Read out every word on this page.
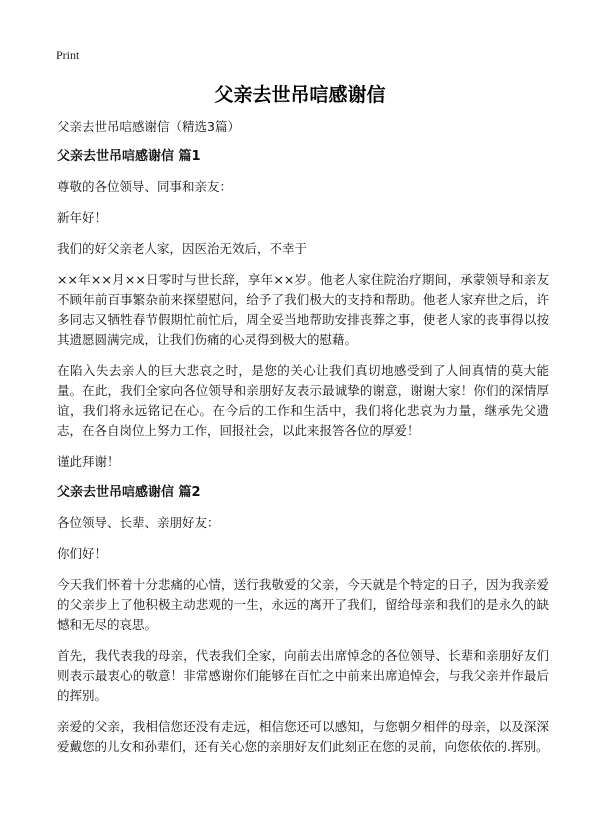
Print
父亲去世吊唁感谢信

父亲去世吊唁感谢信（精选3篇）

父亲去世吊唁感谢信 篇1

尊敬的各位领导、同事和亲友：

新年好！

我们的好父亲老人家，因医治无效后，不幸于

××年××月××日零时与世长辞，享年××岁。他老人家住院治疗期间，承蒙领导和亲友不顾年前百事繁杂前来探望慰问，给予了我们极大的支持和帮助。他老人家弃世之后，许多同志又牺牲春节假期忙前忙后，周全妥当地帮助安排丧葬之事，使老人家的丧事得以按其遗愿圆满完成，让我们伤痛的心灵得到极大的慰藉。

在陷入失去亲人的巨大悲哀之时，是您的关心让我们真切地感受到了人间真情的莫大能量。在此，我们全家向各位领导和亲朋好友表示最诚挚的谢意，谢谢大家！你们的深情厚谊，我们将永远铭记在心。在今后的工作和生活中，我们将化悲哀为力量，继承先父遗志，在各自岗位上努力工作，回报社会，以此来报答各位的厚爱！

谨此拜谢！

父亲去世吊唁感谢信 篇2

各位领导、长辈、亲朋好友：

你们好！

今天我们怀着十分悲痛的心情，送行我敬爱的父亲，今天就是个特定的日子，因为我亲爱的父亲步上了他积极主动悲观的一生，永远的离开了我们，留给母亲和我们的是永久的缺憾和无尽的哀思。

首先，我代表我的母亲，代表我们全家，向前去出席悼念的各位领导、长辈和亲朋好友们则表示最衷心的敬意！非常感谢你们能够在百忙之中前来出席追悼会，与我父亲并作最后的挥别。

亲爱的父亲，我相信您还没有走远，相信您还可以感知，与您朝夕相伴的母亲，以及深深爱戴您的儿女和孙辈们，还有关心您的亲朋好友们此刻正在您的灵前，向您依依的.挥别。
